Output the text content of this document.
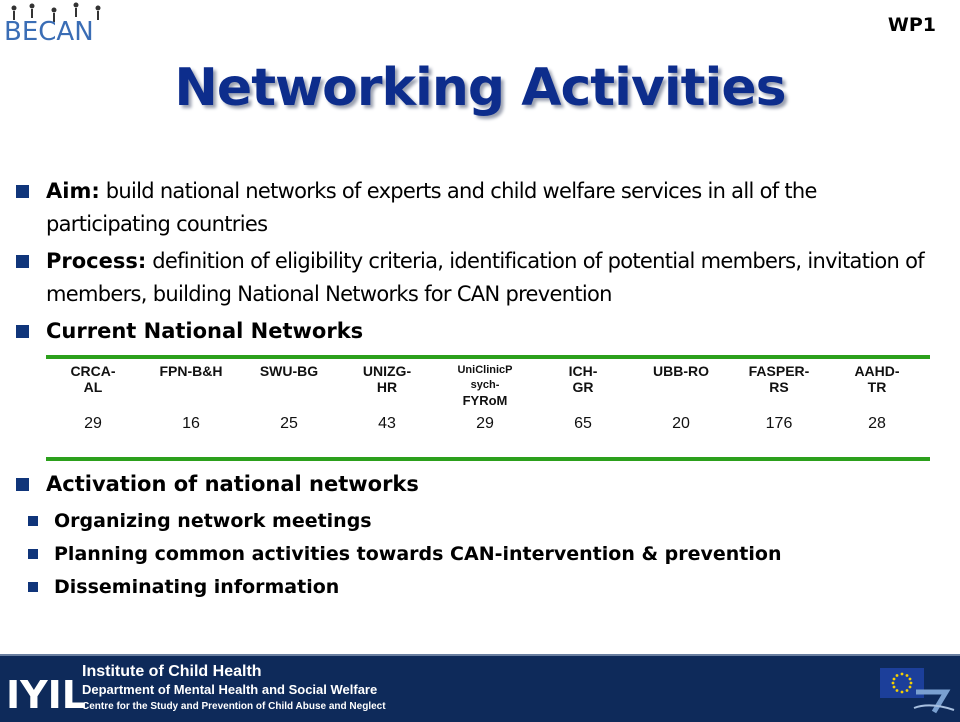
BECAN	WP1
Networking Activities
Aim: build national networks of experts and child welfare services in all of the participating countries
Process: definition of eligibility criteria, identification of potential members, invitation of members, building National Networks for CAN prevention
Current National Networks
CRCA-
AL
29
FPN-B&H
16
SWU-BG
25
UNIZG-
HR
43
UniClinicP
sych-
FYRoM
29
ICH-
GR
65
UBB-RO
20
FASPER-
RS
176
AAHD-
TR
28
Activation of national networks
Organizing network meetings
Planning common activities towards CAN-intervention & prevention
Disseminating information
IYIL
Institute of Child Health
Department of Mental Health and Social Welfare
Centre for the Study and Prevention of Child Abuse and Neglect
